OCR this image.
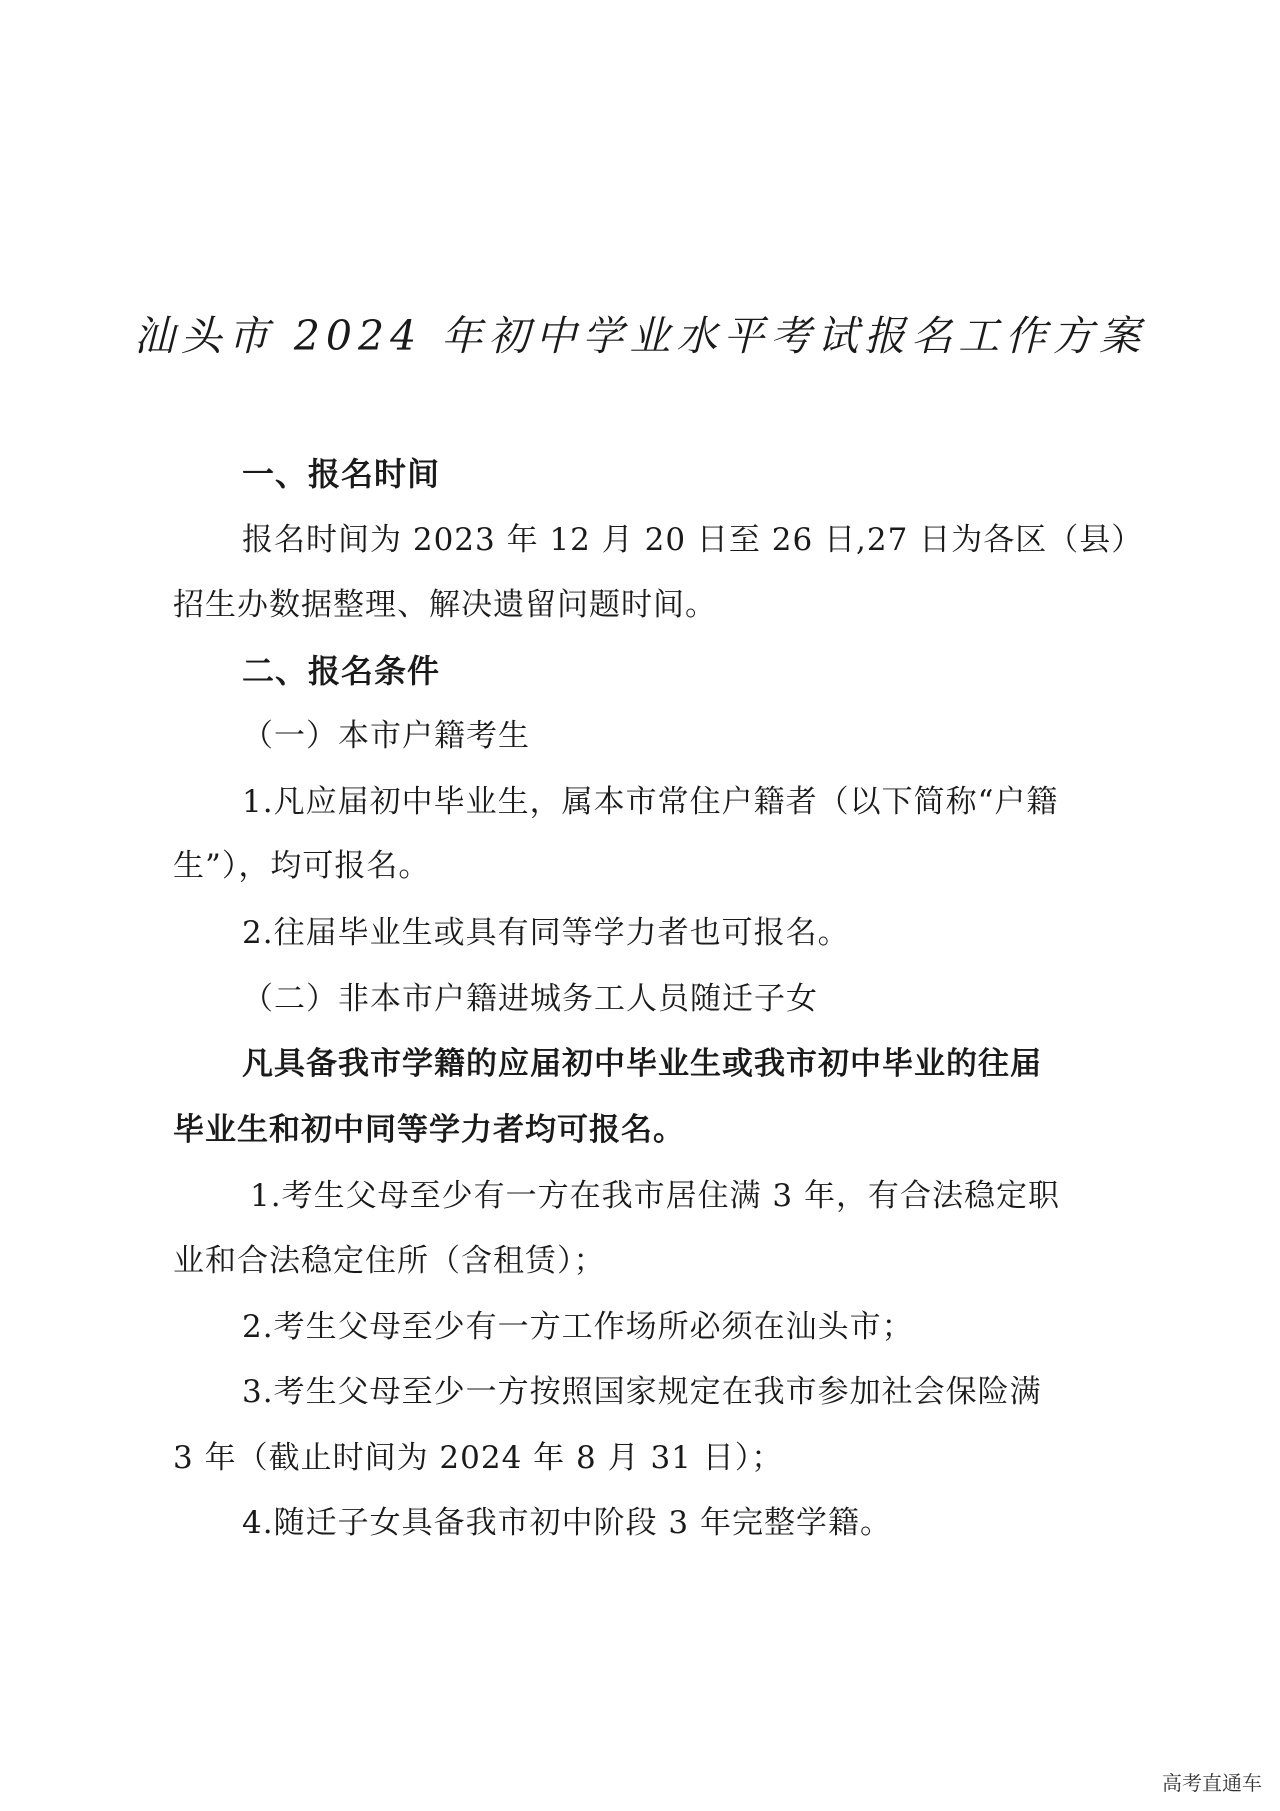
汕头市 2024 年初中学业水平考试报名工作方案
一、报名时间
报名时间为 2023 年 12 月 20 日至 26 日,27 日为各区（县）
招生办数据整理、解决遗留问题时间。
二、报名条件
（一）本市户籍考生
1.凡应届初中毕业生，属本市常住户籍者（以下简称“户籍
生”），均可报名。
2.往届毕业生或具有同等学力者也可报名。
（二）非本市户籍进城务工人员随迁子女
凡具备我市学籍的应届初中毕业生或我市初中毕业的往届
毕业生和初中同等学力者均可报名。
1.考生父母至少有一方在我市居住满 3 年，有合法稳定职
业和合法稳定住所（含租赁）；
2.考生父母至少有一方工作场所必须在汕头市；
3.考生父母至少一方按照国家规定在我市参加社会保险满
3 年（截止时间为 2024 年 8 月 31 日）；
4.随迁子女具备我市初中阶段 3 年完整学籍。
高考直通车
